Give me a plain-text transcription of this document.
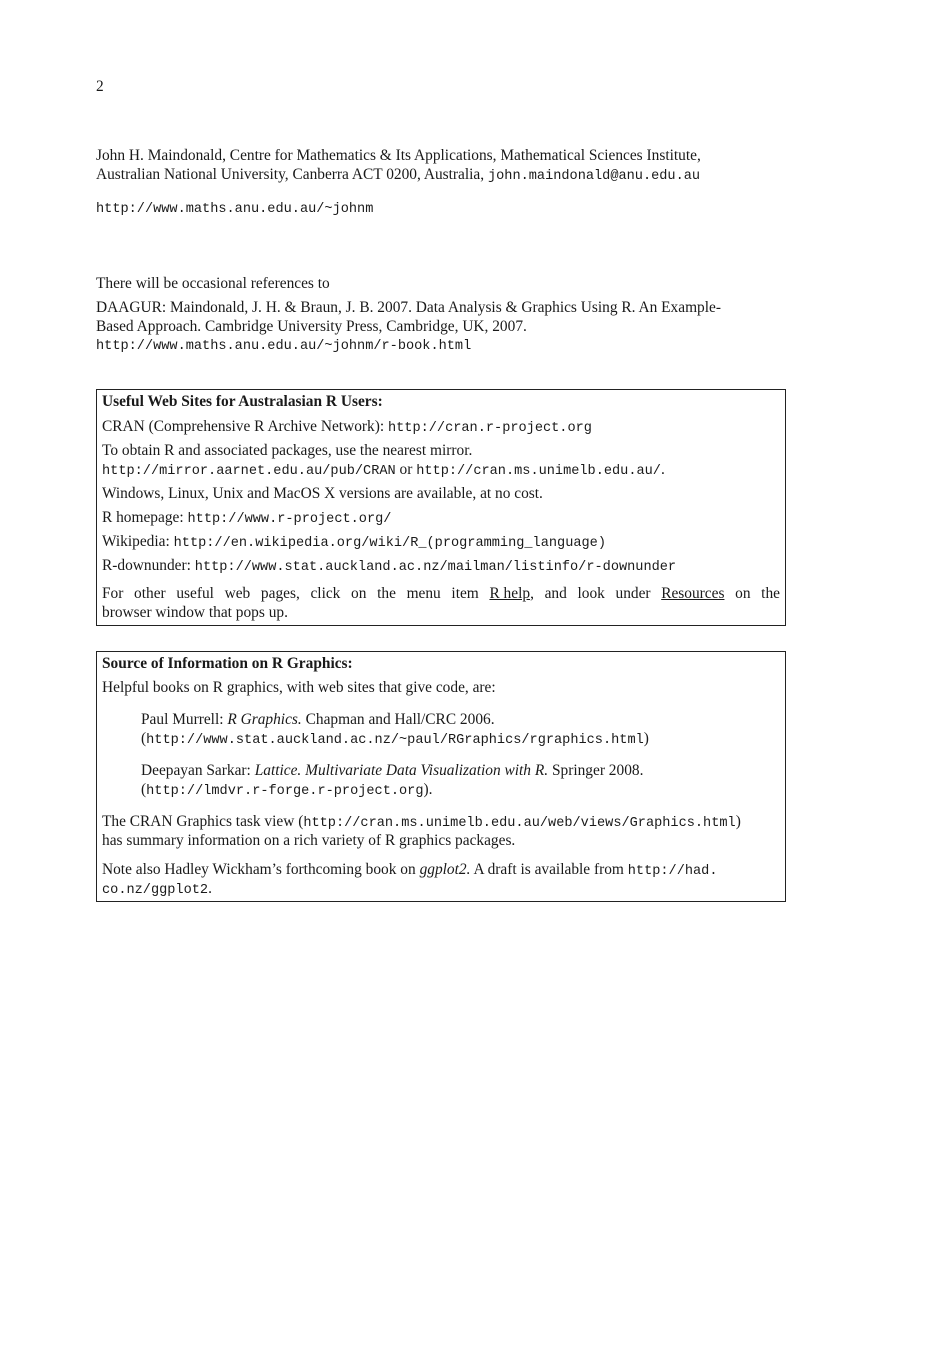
2
John H. Maindonald, Centre for Mathematics & Its Applications, Mathematical Sciences Institute,
Australian National University, Canberra ACT 0200, Australia, john.maindonald@anu.edu.au
http://www.maths.anu.edu.au/~johnm
There will be occasional references to
DAAGUR: Maindonald, J. H. & Braun, J. B. 2007. Data Analysis & Graphics Using R. An Example-
Based Approach. Cambridge University Press, Cambridge, UK, 2007.
http://www.maths.anu.edu.au/~johnm/r-book.html
Useful Web Sites for Australasian R Users:
CRAN (Comprehensive R Archive Network): http://cran.r-project.org
To obtain R and associated packages, use the nearest mirror.
http://mirror.aarnet.edu.au/pub/CRAN or http://cran.ms.unimelb.edu.au/.
Windows, Linux, Unix and MacOS X versions are available, at no cost.
R homepage: http://www.r-project.org/
Wikipedia: http://en.wikipedia.org/wiki/R_(programming_language)
R-downunder: http://www.stat.auckland.ac.nz/mailman/listinfo/r-downunder
For other useful web pages, click on the menu item R help, and look under Resources on the
browser window that pops up.
Source of Information on R Graphics:
Helpful books on R graphics, with web sites that give code, are:
Paul Murrell: R Graphics. Chapman and Hall/CRC 2006.
(http://www.stat.auckland.ac.nz/~paul/RGraphics/rgraphics.html)
Deepayan Sarkar: Lattice. Multivariate Data Visualization with R. Springer 2008.
(http://lmdvr.r-forge.r-project.org).
The CRAN Graphics task view (http://cran.ms.unimelb.edu.au/web/views/Graphics.html)
has summary information on a rich variety of R graphics packages.
Note also Hadley Wickham’s forthcoming book on ggplot2. A draft is available from http://had.
co.nz/ggplot2.
